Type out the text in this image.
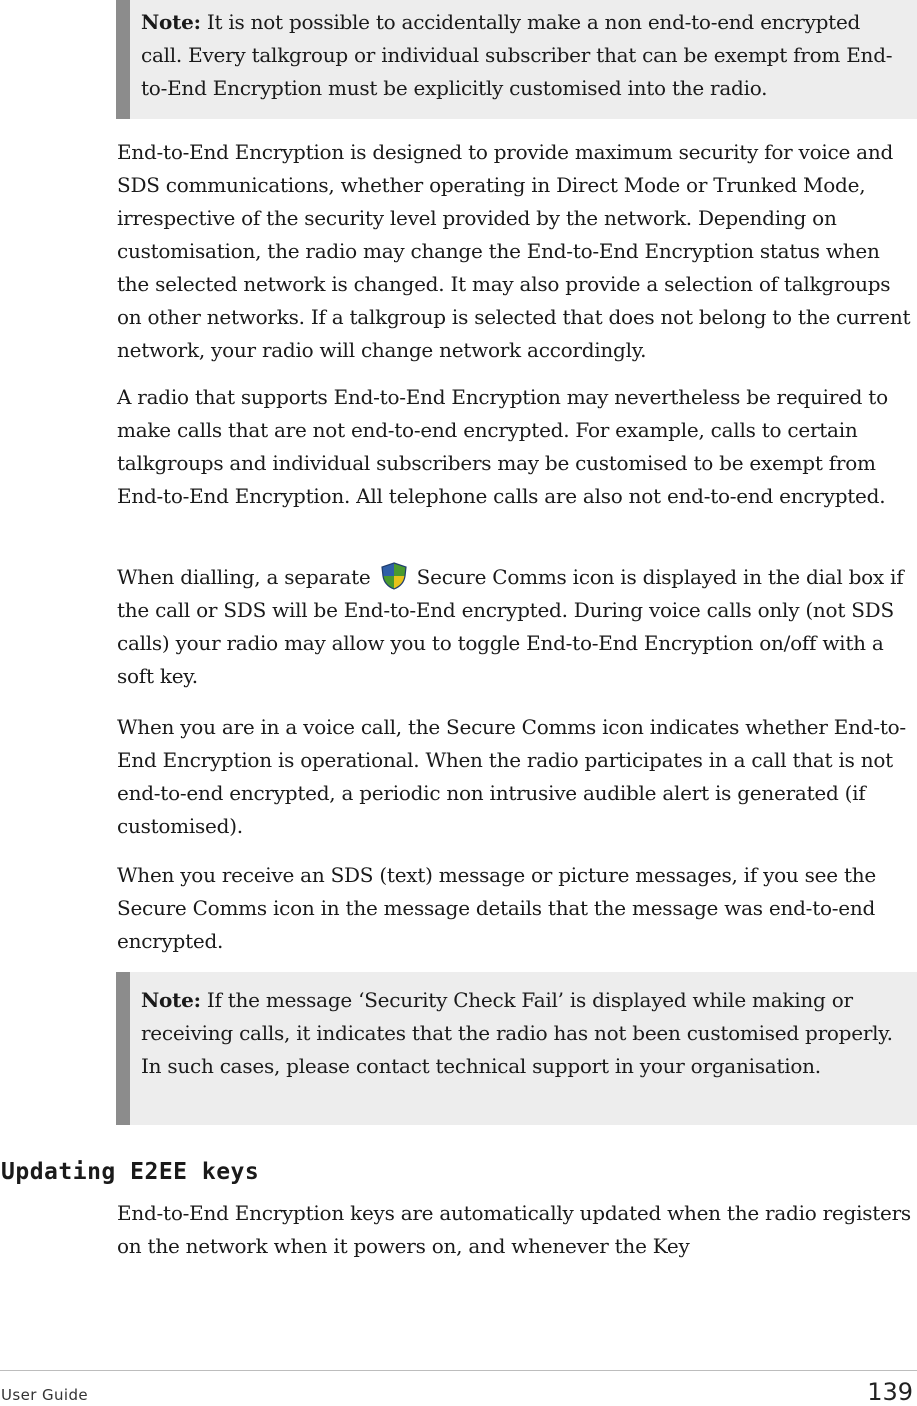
Note: It is not possible to accidentally make a non end-to-end encrypted call. Every talkgroup or individual subscriber that can be exempt from End-to-End Encryption must be explicitly customised into the radio.

End-to-End Encryption is designed to provide maximum security for voice and SDS communications, whether operating in Direct Mode or Trunked Mode, irrespective of the security level provided by the network. Depending on customisation, the radio may change the End-to-End Encryption status when the selected network is changed. It may also provide a selection of talkgroups on other networks. If a talkgroup is selected that does not belong to the current network, your radio will change network accordingly.

A radio that supports End-to-End Encryption may nevertheless be required to make calls that are not end-to-end encrypted. For example, calls to certain talkgroups and individual subscribers may be customised to be exempt from End-to-End Encryption. All telephone calls are also not end-to-end encrypted.

When dialling, a separate Secure Comms icon is displayed in the dial box if the call or SDS will be End-to-End encrypted. During voice calls only (not SDS calls) your radio may allow you to toggle End-to-End Encryption on/off with a soft key.

When you are in a voice call, the Secure Comms icon indicates whether End-to-End Encryption is operational. When the radio participates in a call that is not end-to-end encrypted, a periodic non intrusive audible alert is generated (if customised).

When you receive an SDS (text) message or picture messages, if you see the Secure Comms icon in the message details that the message was end-to-end encrypted.

Note: If the message ‘Security Check Fail’ is displayed while making or receiving calls, it indicates that the radio has not been customised properly. In such cases, please contact technical support in your organisation.
Updating E2EE keys

End-to-End Encryption keys are automatically updated when the radio registers on the network when it powers on, and whenever the Key

User Guide	139
